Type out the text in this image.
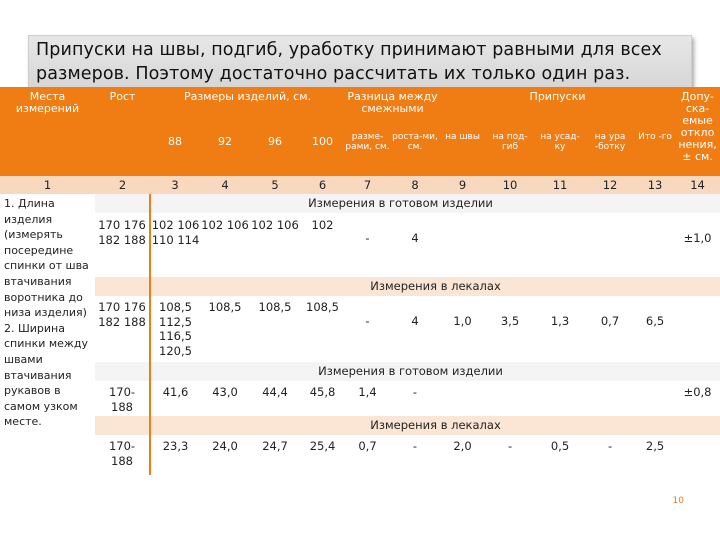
Припуски на швы, подгиб, уработку принимают равными для всех размеров. Поэтому достаточно рассчитать их только один раз.
Места измерений	Рост	Размеры изделий, см.				Разница между смежными		Припуски					Допу-ска-емые откло нения, ± см.
		88	92	96	100	разме-рами, см.	роста-ми, см.	на швы	на под-гиб	на усад-ку	на ура -ботку	Ито -го	
1	2	3	4	5	6	7	8	9	10	11	12	13	14
1. Длина изделия (измерять посередине спинки от шва втачивания воротника до низа изделия) 2. Ширина спинки между швами втачивания рукавов в самом узком месте.		Измерения в готовом изделии											
	170 176 182 188	102 106 110 114	102 106	102 106	102	-	4						±1,0
		Измерения в лекалах											
	170 176 182 188	108,5 112,5 116,5 120,5	108,5	108,5	108,5	-	4	1,0	3,5	1,3	0,7	6,5	
		Измерения в готовом изделии											
	170-188	41,6	43,0	44,4	45,8	1,4	-						±0,8
		Измерения в лекалах											
	170-188	23,3	24,0	24,7	25,4	0,7	-	2,0	-	0,5	-	2,5	
10
